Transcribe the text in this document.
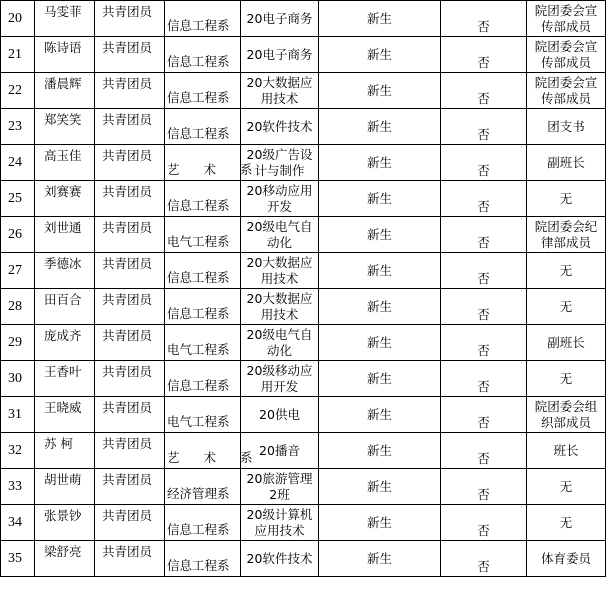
20	马雯菲	共青团员	信息工程系	20电子商务	新生	否	院团委会宣传部成员
21	陈诗语	共青团员	信息工程系	20电子商务	新生	否	院团委会宣传部成员
22	潘晨辉	共青团员	信息工程系	20大数据应用技术	新生	否	院团委会宣传部成员
23	郑笑笑	共青团员	信息工程系	20软件技术	新生	否	团支书
24	高玉佳	共青团员	艺 术 系	20级广告设计与制作	新生	否	副班长
25	刘赛赛	共青团员	信息工程系	20移动应用开发	新生	否	无
26	刘世通	共青团员	电气工程系	20级电气自动化	新生	否	院团委会纪律部成员
27	季德冰	共青团员	信息工程系	20大数据应用技术	新生	否	无
28	田百合	共青团员	信息工程系	20大数据应用技术	新生	否	无
29	庞成齐	共青团员	电气工程系	20级电气自动化	新生	否	副班长
30	王香叶	共青团员	信息工程系	20级移动应用开发	新生	否	无
31	王晓威	共青团员	电气工程系	20供电	新生	否	院团委会组织部成员
32	苏 柯	共青团员	艺 术 系	20播音	新生	否	班长
33	胡世萌	共青团员	经济管理系	20旅游管理2班	新生	否	无
34	张景钞	共青团员	信息工程系	20级计算机应用技术	新生	否	无
35	梁舒亮	共青团员	信息工程系	20软件技术	新生	否	体育委员
